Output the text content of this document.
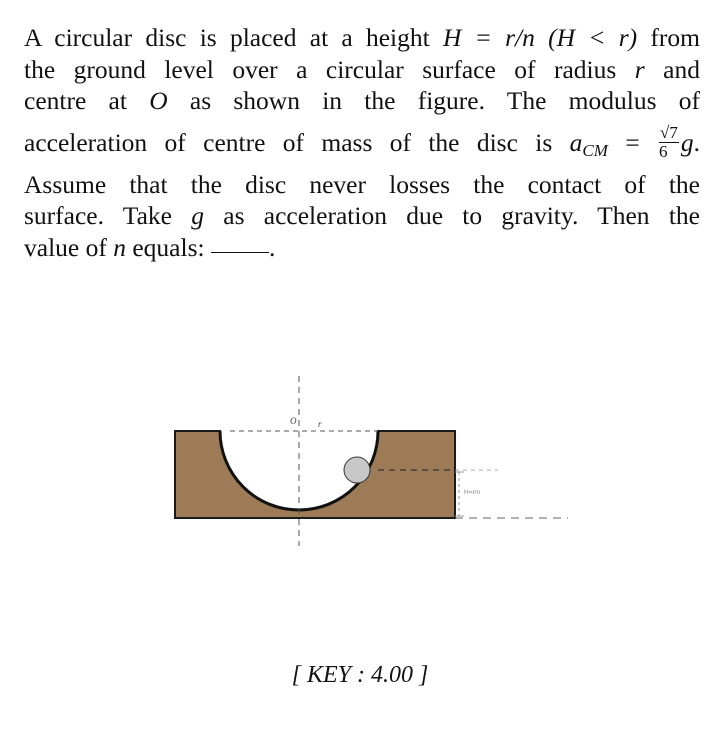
A circular disc is placed at a height H = r/n (H < r) from
the ground level over a circular surface of radius r and
centre at O as shown in the figure. The modulus of
acceleration of centre of mass of the disc is $a_{CM} = \frac{√7}{6} g$.
Assume that the disc never losses the contact of the
surface. Take g as acceleration due to gravity. Then the
value of n equals: .
O r
H=r/n
[ KEY : 4.00 ]
